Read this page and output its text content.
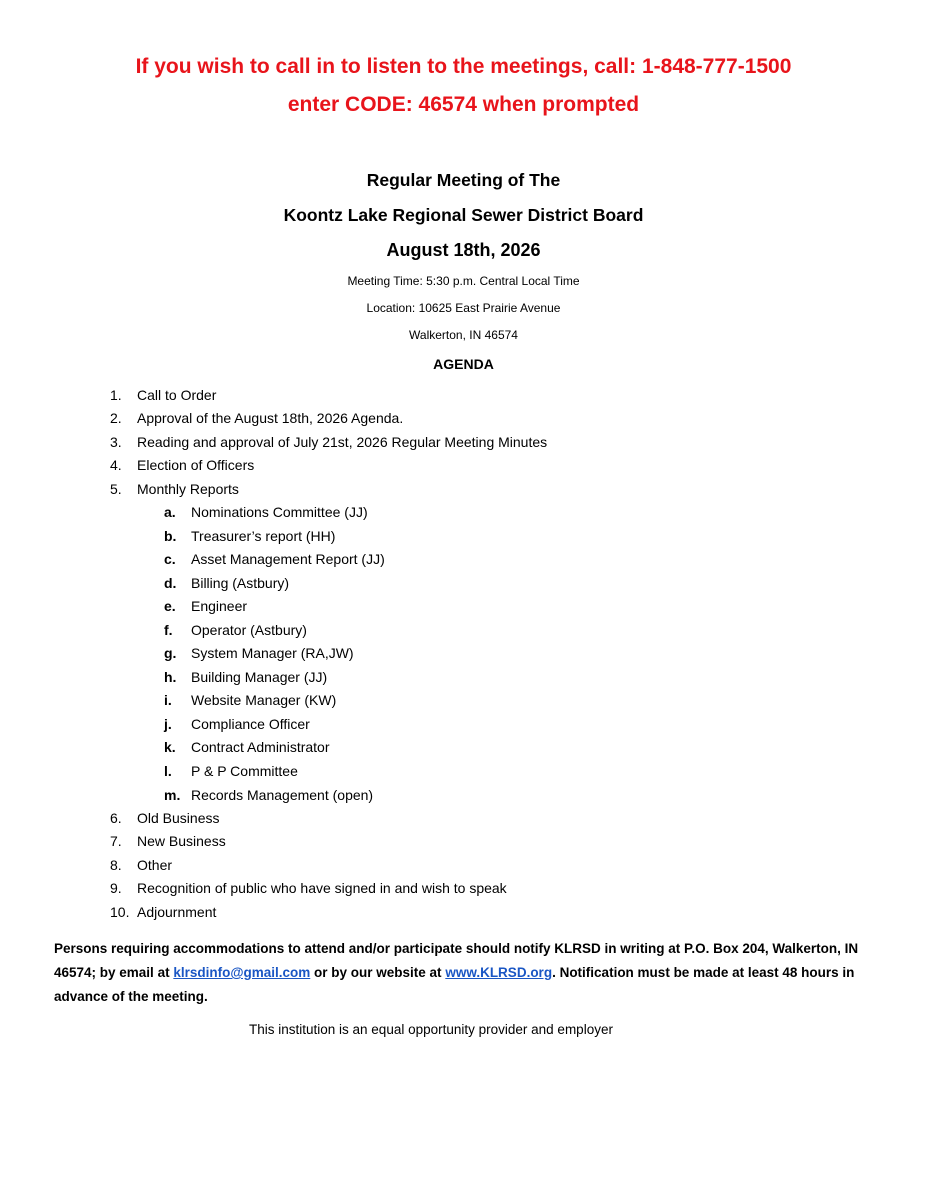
If you wish to call in to listen to the meetings, call: 1-848-777-1500
enter CODE: 46574 when prompted
Regular Meeting of The
Koontz Lake Regional Sewer District Board
August 18th, 2026
Meeting Time: 5:30 p.m. Central Local Time
Location: 10625 East Prairie Avenue
Walkerton, IN 46574
AGENDA
1.	Call to Order
2.	Approval of the August 18th, 2026 Agenda.
3.	Reading and approval of July 21st, 2026 Regular Meeting Minutes
4.	Election of Officers
5.	Monthly Reports
a. Nominations Committee (JJ)
b. Treasurer’s report (HH)
c. Asset Management Report (JJ)
d. Billing (Astbury)
e. Engineer
f. Operator (Astbury)
g. System Manager (RA,JW)
h. Building Manager (JJ)
i. Website Manager (KW)
j. Compliance Officer
k. Contract Administrator
l. P & P Committee
m. Records Management (open)
6.	Old Business
7.	New Business
8.	Other
9.	Recognition of public who have signed in and wish to speak
10. Adjournment
Persons requiring accommodations to attend and/or participate should notify KLRSD in writing at P.O. Box 204, Walkerton, IN 46574; by email at klrsdinfo@gmail.com or by our website at www.KLRSD.org. Notification must be made at least 48 hours in advance of the meeting.
This institution is an equal opportunity provider and employer
